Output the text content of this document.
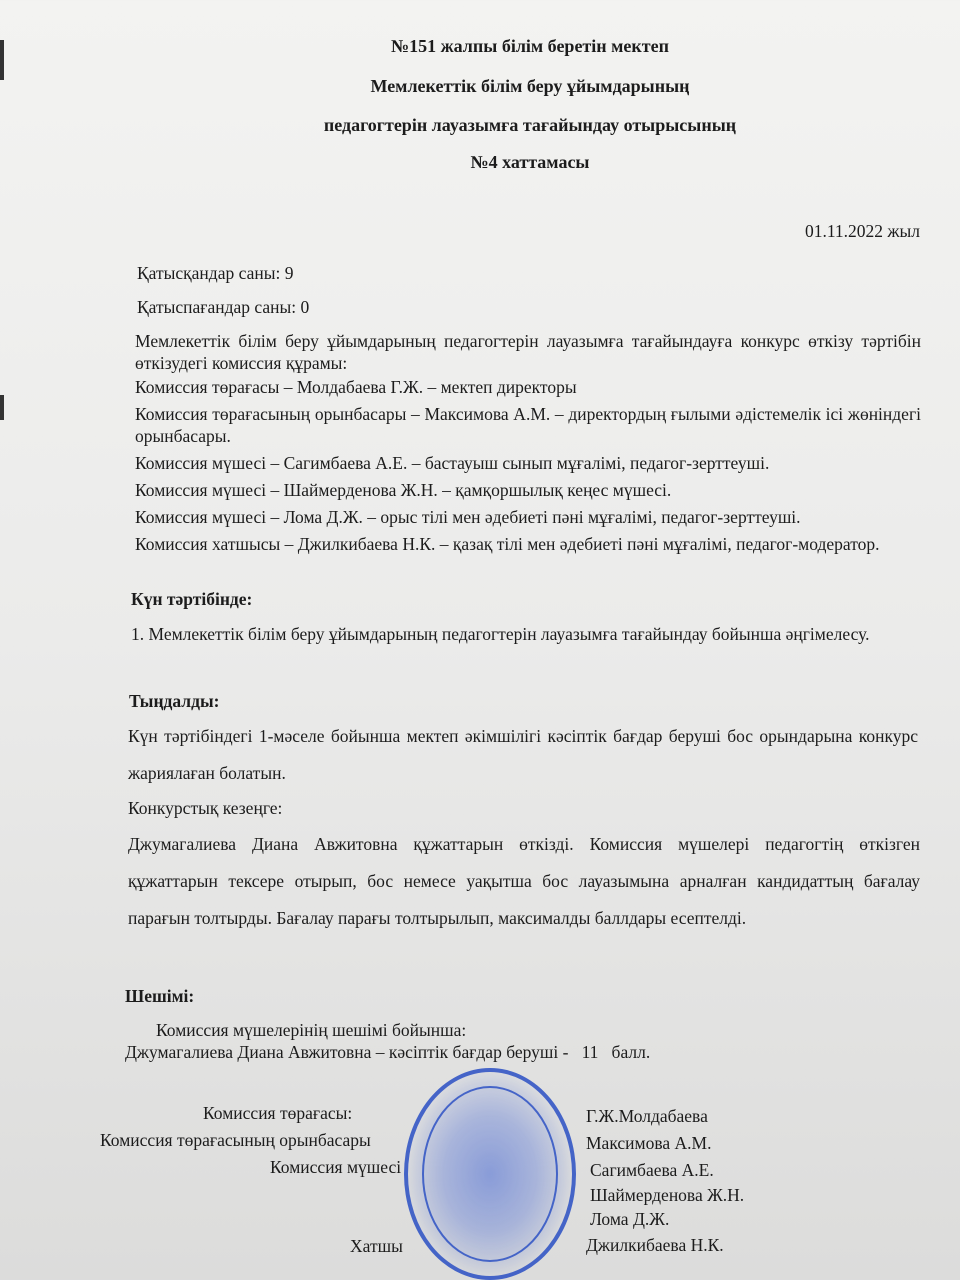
№151 жалпы білім беретін мектеп
Мемлекеттік білім беру ұйымдарының
педагогтерін лауазымға тағайындау отырысының
№4 хаттамасы
01.11.2022 жыл
Қатысқандар саны: 9
Қатыспағандар саны: 0
Мемлекеттік білім беру ұйымдарының педагогтерін лауазымға тағайындауға конкурс өткізу тәртібін өткізудегі комиссия құрамы:
Комиссия төрағасы – Молдабаева Г.Ж. – мектеп директоры
Комиссия төрағасының орынбасары – Максимова А.М. – директордың ғылыми әдістемелік ісі жөніндегі орынбасары.
Комиссия мүшесі – Сагимбаева А.Е. – бастауыш сынып мұғалімі, педагог-зерттеуші.
Комиссия мүшесі – Шаймерденова Ж.Н. – қамқоршылық кеңес мүшесі.
Комиссия мүшесі – Лома Д.Ж. – орыс тілі мен әдебиеті пәні мұғалімі, педагог-зерттеуші.
Комиссия хатшысы – Джилкибаева Н.К. – қазақ тілі мен әдебиеті пәні мұғалімі, педагог-модератор.
Күн тәртібінде:
1. Мемлекеттік білім беру ұйымдарының педагогтерін лауазымға тағайындау бойынша әңгімелесу.
Тыңдалды:
Күн тәртібіндегі 1-мәселе бойынша мектеп әкімшілігі кәсіптік бағдар беруші бос орындарына конкурс жариялаған болатын.
Конкурстық кезеңге:
Джумагалиева Диана Авжитовна құжаттарын өткізді. Комиссия мүшелері педагогтің өткізген құжаттарын тексере отырып, бос немесе уақытша бос лауазымына арналған кандидаттың бағалау парағын толтырды. Бағалау парағы толтырылып, максималды баллдары есептелді.
Шешімі:
Комиссия мүшелерінің шешімі бойынша:
Джумагалиева Диана Авжитовна – кәсіптік бағдар беруші -   11   балл.
Комиссия төрағасы:
Комиссия төрағасының орынбасары
Комиссия мүшесі
Хатшы
Г.Ж.Молдабаева
Максимова А.М.
Сагимбаева А.Е.
Шаймерденова Ж.Н.
Лома Д.Ж.
Джилкибаева Н.К.
